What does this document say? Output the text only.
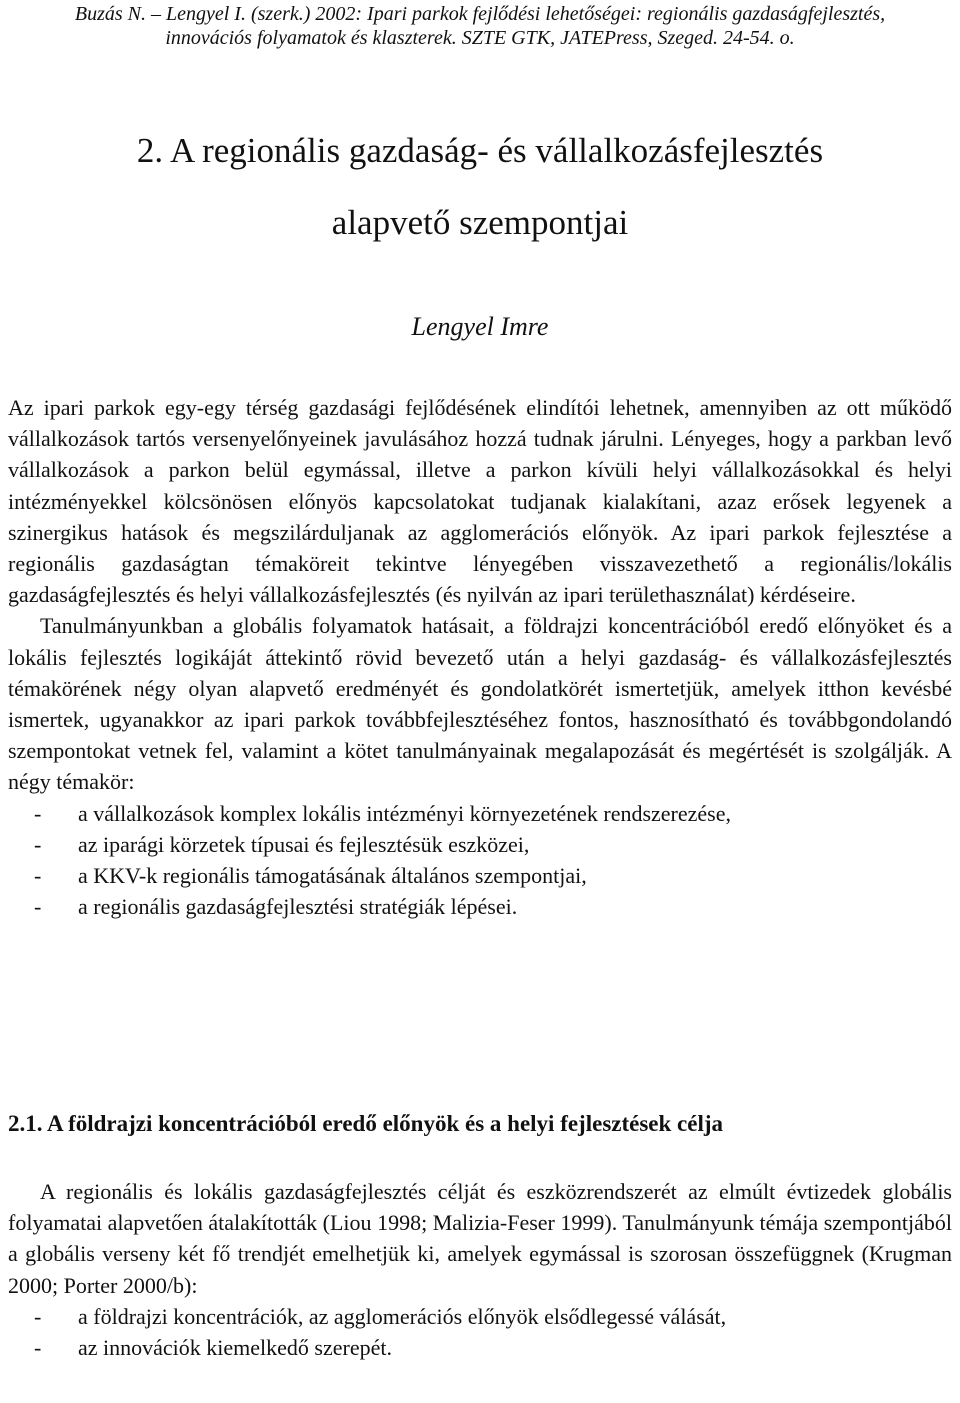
Buzás N. – Lengyel I. (szerk.) 2002: Ipari parkok fejlődési lehetőségei: regionális gazdaságfejlesztés,
innovációs folyamatok és klaszterek. SZTE GTK, JATEPress, Szeged. 24-54. o.
2. A regionális gazdaság- és vállalkozásfejlesztés
alapvető szempontjai
Lengyel Imre

Az ipari parkok egy-egy térség gazdasági fejlődésének elindítói lehetnek, amennyiben az ott működő vállalkozások tartós versenyelőnyeinek javulásához hozzá tudnak járulni. Lényeges, hogy a parkban levő vállalkozások a parkon belül egymással, illetve a parkon kívüli helyi vállalkozásokkal és helyi intézményekkel kölcsönösen előnyös kapcsolatokat tudjanak kialakítani, azaz erősek legyenek a szinergikus hatások és megszilárduljanak az agglomerációs előnyök. Az ipari parkok fejlesztése a regionális gazdaságtan témaköreit tekintve lényegében visszavezethető a regionális/lokális gazdaságfejlesztés és helyi vállalkozásfejlesztés (és nyilván az ipari területhasználat) kérdéseire.

Tanulmányunkban a globális folyamatok hatásait, a földrajzi koncentrációból eredő előnyöket és a lokális fejlesztés logikáját áttekintő rövid bevezető után a helyi gazdaság- és vállalkozásfejlesztés témakörének négy olyan alapvető eredményét és gondolatkörét ismertetjük, amelyek itthon kevésbé ismertek, ugyanakkor az ipari parkok továbbfejlesztéséhez fontos, hasznosítható és továbbgondolandó szempontokat vetnek fel, valamint a kötet tanulmányainak megalapozását és megértését is szolgálják. A négy témakör:

- a vállalkozások komplex lokális intézményi környezetének rendszerezése,
- az iparági körzetek típusai és fejlesztésük eszközei,
- a KKV-k regionális támogatásának általános szempontjai,
- a regionális gazdaságfejlesztési stratégiák lépései.
2.1. A földrajzi koncentrációból eredő előnyök és a helyi fejlesztések célja

A regionális és lokális gazdaságfejlesztés célját és eszközrendszerét az elmúlt évtizedek globális folyamatai alapvetően átalakították (Liou 1998; Malizia-Feser 1999). Tanulmányunk témája szempontjából a globális verseny két fő trendjét emelhetjük ki, amelyek egymással is szorosan összefüggnek (Krugman 2000; Porter 2000/b):

- a földrajzi koncentrációk, az agglomerációs előnyök elsődlegessé válását,
- az innovációk kiemelkedő szerepét.
